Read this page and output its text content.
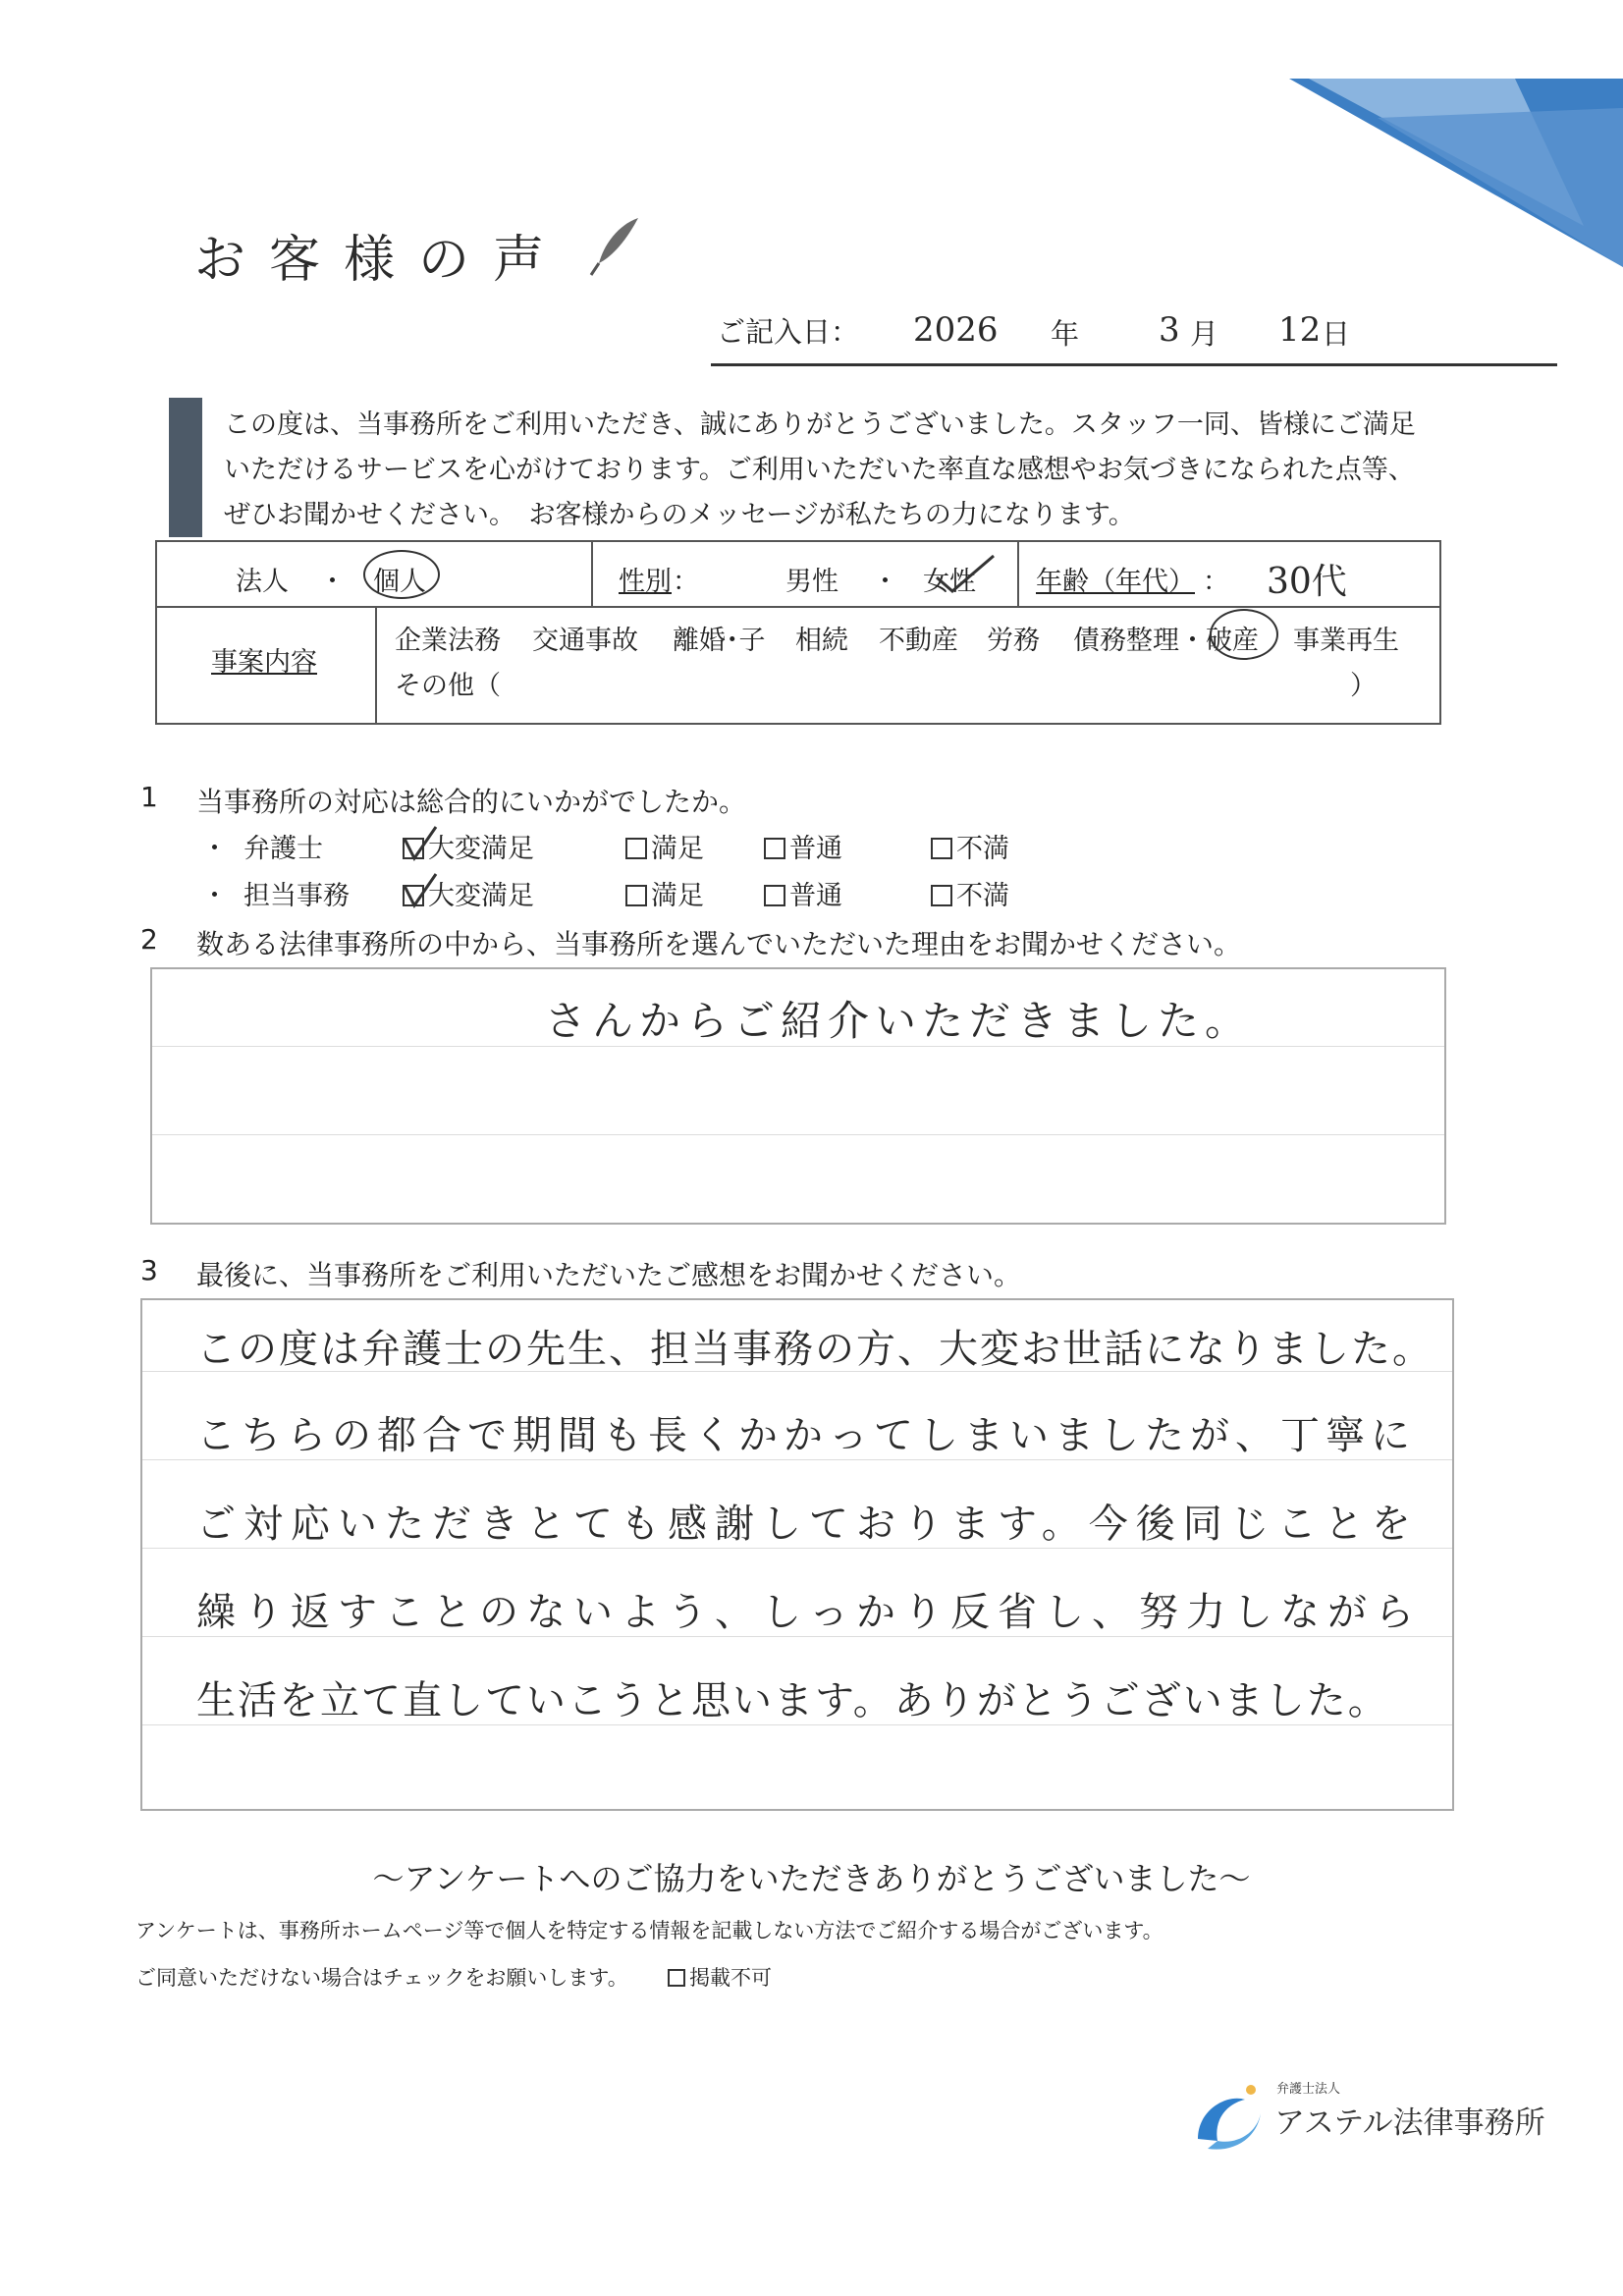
お客様の声
ご記入日： 2026 年 3 月 12 日

この度は、当事務所をご利用いただき、誠にありがとうございました。スタッフ一同、皆様にご満足

いただけるサービスを心がけております。ご利用いただいた率直な感想やお気づきになられた点等、

ぜひお聞かせください。　お客様からのメッセージが私たちの力になります。

法人 ・ 個人	性別 ：	男性 ・ 女性 年齢（年代） ： 30代
事案内容
企業法務 交通事故 離婚･子 相続 不動産 労務 債務整理・破産 事業再生
その他（	）
1 当事務所の対応は総合的にいかがでしたか。
・ 弁護士	大変満足	満足	普通	不満
・ 担当事務	大変満足	満足	普通	不満
2 数ある法律事務所の中から、当事務所を選んでいただいた理由をお聞かせください。
さんからご紹介いただきました。
3 最後に、当事務所をご利用いただいたご感想をお聞かせください。
この度は弁護士の先生、担当事務の方、大変お世話になりました。
こちらの都合で期間も長くかかってしまいましたが、丁寧に
ご対応いただきとても感謝しております。今後同じことを
繰り返すことのないよう、しっかり反省し、努力しながら
生活を立て直していこうと思います。ありがとうございました。
〜アンケートへのご協力をいただきありがとうございました〜
アンケートは、事務所ホームページ等で個人を特定する情報を記載しない方法でご紹介する場合がございます。
ご同意いただけない場合はチェックをお願いします。	掲載不可
弁護士法人
アステル法律事務所
